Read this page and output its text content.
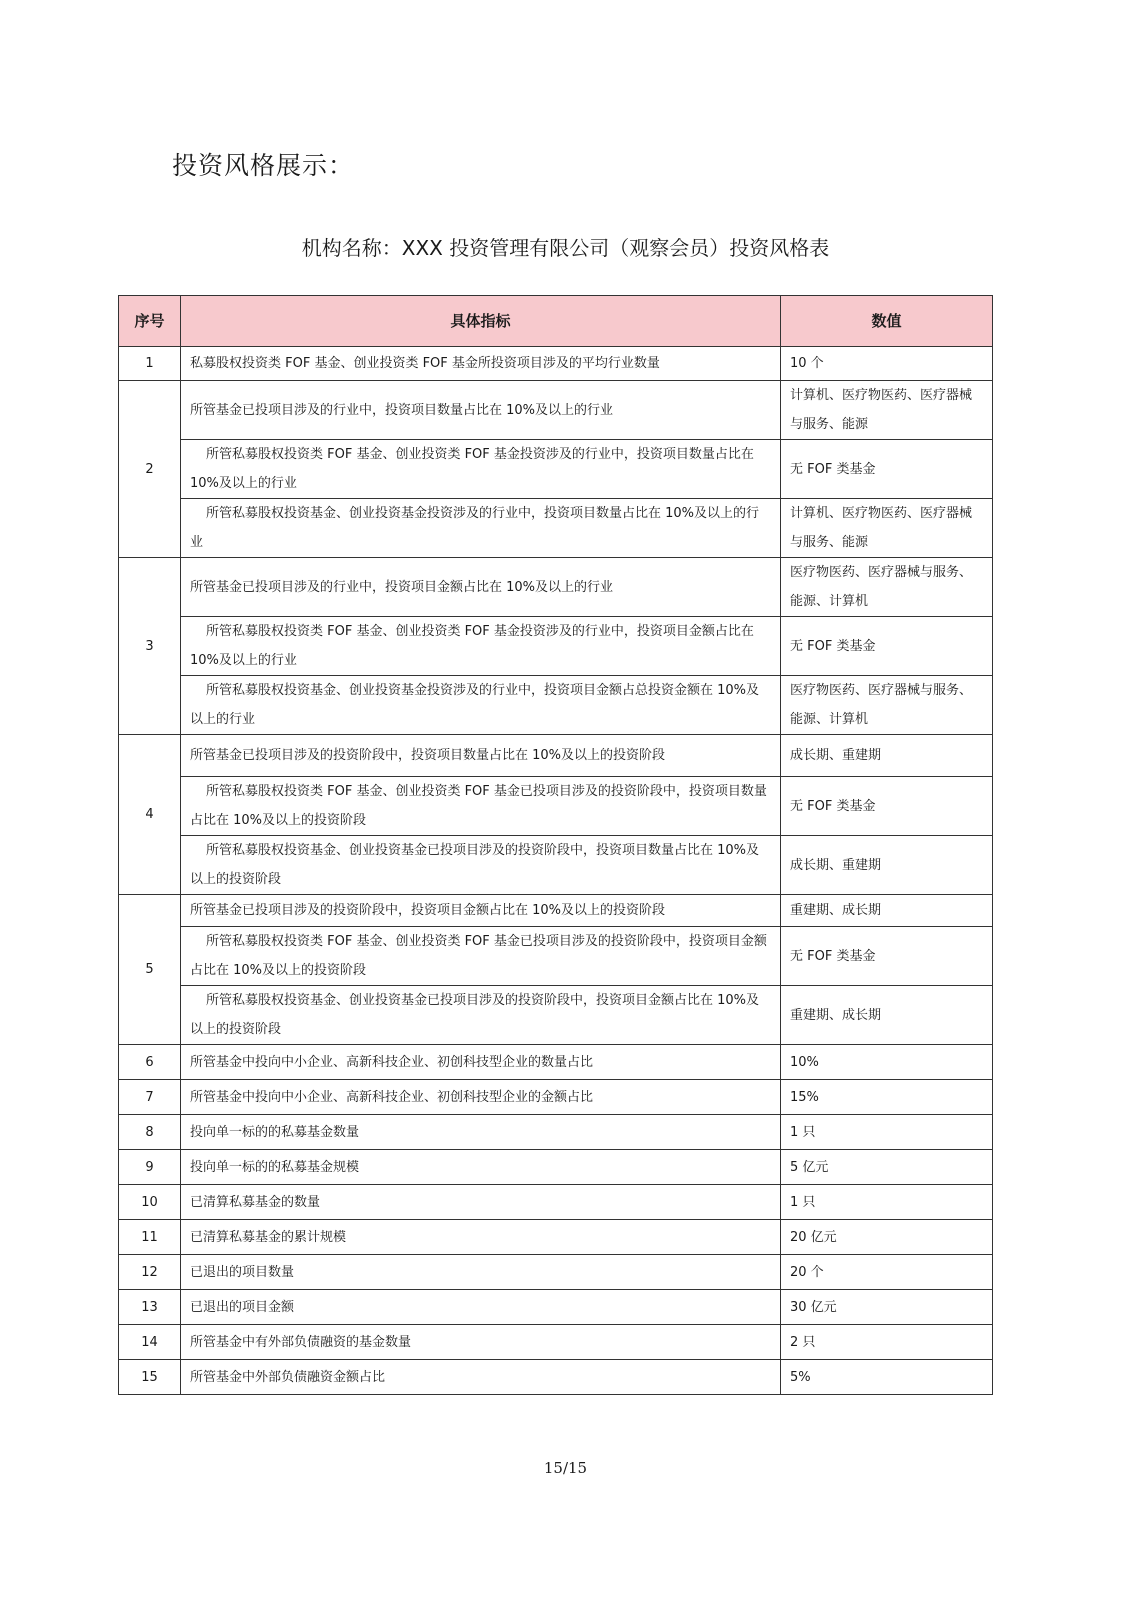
投资风格展示：
机构名称：XXX 投资管理有限公司（观察会员）投资风格表
序号	具体指标	数值
1	私募股权投资类 FOF 基金、创业投资类 FOF 基金所投资项目涉及的平均行业数量	10 个
2	所管基金已投项目涉及的行业中，投资项目数量占比在 10%及以上的行业	计算机、医疗物医药、医疗器械与服务、能源
	所管私募股权投资类 FOF 基金、创业投资类 FOF 基金投资涉及的行业中，投资项目数量占比在 10%及以上的行业	无 FOF 类基金
	所管私募股权投资基金、创业投资基金投资涉及的行业中，投资项目数量占比在 10%及以上的行业	计算机、医疗物医药、医疗器械与服务、能源
3	所管基金已投项目涉及的行业中，投资项目金额占比在 10%及以上的行业	医疗物医药、医疗器械与服务、能源、计算机
	所管私募股权投资类 FOF 基金、创业投资类 FOF 基金投资涉及的行业中，投资项目金额占比在 10%及以上的行业	无 FOF 类基金
	所管私募股权投资基金、创业投资基金投资涉及的行业中，投资项目金额占总投资金额在 10%及以上的行业	医疗物医药、医疗器械与服务、能源、计算机
4	所管基金已投项目涉及的投资阶段中，投资项目数量占比在 10%及以上的投资阶段	成长期、重建期
	所管私募股权投资类 FOF 基金、创业投资类 FOF 基金已投项目涉及的投资阶段中，投资项目数量占比在 10%及以上的投资阶段	无 FOF 类基金
	所管私募股权投资基金、创业投资基金已投项目涉及的投资阶段中，投资项目数量占比在 10%及以上的投资阶段	成长期、重建期
5	所管基金已投项目涉及的投资阶段中，投资项目金额占比在 10%及以上的投资阶段	重建期、成长期
	所管私募股权投资类 FOF 基金、创业投资类 FOF 基金已投项目涉及的投资阶段中，投资项目金额占比在 10%及以上的投资阶段	无 FOF 类基金
	所管私募股权投资基金、创业投资基金已投项目涉及的投资阶段中，投资项目金额占比在 10%及以上的投资阶段	重建期、成长期
6	所管基金中投向中小企业、高新科技企业、初创科技型企业的数量占比	10%
7	所管基金中投向中小企业、高新科技企业、初创科技型企业的金额占比	15%
8	投向单一标的的私募基金数量	1 只
9	投向单一标的的私募基金规模	5 亿元
10	已清算私募基金的数量	1 只
11	已清算私募基金的累计规模	20 亿元
12	已退出的项目数量	20 个
13	已退出的项目金额	30 亿元
14	所管基金中有外部负债融资的基金数量	2 只
15	所管基金中外部负债融资金额占比	5%
15/15
